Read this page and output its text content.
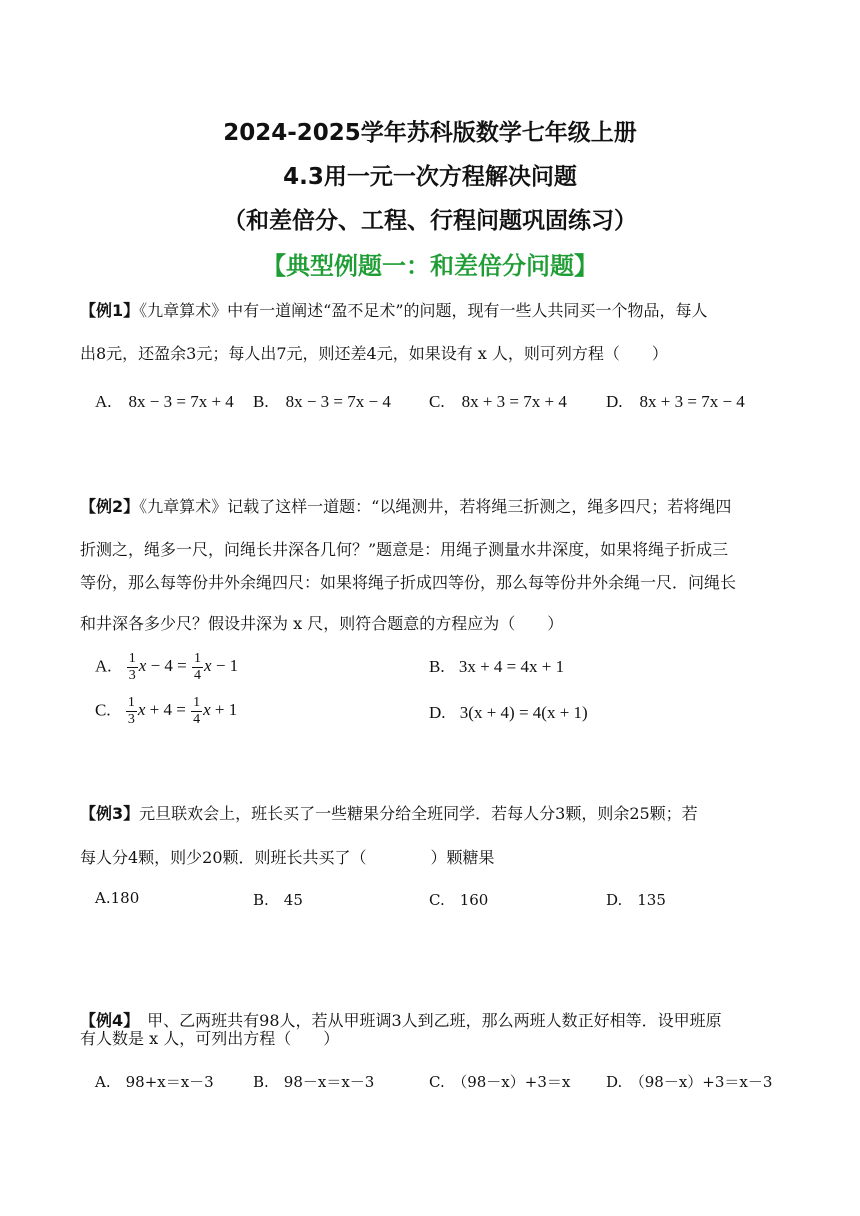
2024-2025学年苏科版数学七年级上册
4.3用一元一次方程解决问题
（和差倍分、工程、行程问题巩固练习）
【典型例题一：和差倍分问题】
【例1】《九章算术》中有一道阐述“盈不足术”的问题，现有一些人共同买一个物品，每人
出8元，还盈余3元；每人出7元，则还差4元，如果设有 x 人，则可列方程（　　）
A.　8x − 3 = 7x + 4 B.　8x − 3 = 7x − 4 C.　8x + 3 = 7x + 4 D.　8x + 3 = 7x − 4
【例2】《九章算术》记载了这样一道题：“以绳测井，若将绳三折测之，绳多四尺；若将绳四
折测之，绳多一尺，问绳长井深各几何？”题意是：用绳子测量水井深度，如果将绳子折成三
等份，那么每等份井外余绳四尺：如果将绳子折成四等份，那么每等份井外余绳一尺．问绳长
和井深各多少尺？假设井深为 x 尺，则符合题意的方程应为（　　）
A. $\frac{1}{3}$ $x - 4 = \frac{1}{4}$ x − 1	B. 3x + 4 = 4x + 1
C. $\frac{1}{3}$ $x + 4 = \frac{1}{4}$ x + 1	D. 3(x + 4) = 4(x + 1)
【例3】元旦联欢会上，班长买了一些糖果分给全班同学．若每人分3颗，则余25颗；若
每人分4颗，则少20颗．则班长共买了（　　　　）颗糖果
A.180	B.　45	C.　160	D.　135
【例4】　甲、乙两班共有98人，若从甲班调3人到乙班，那么两班人数正好相等．设甲班原
有人数是 x 人，可列出方程（　　）
A.　98+x＝x－3	B.　98－x＝x－3	C.　（98－x）+3＝x D.　（98－x）+3＝x－3
